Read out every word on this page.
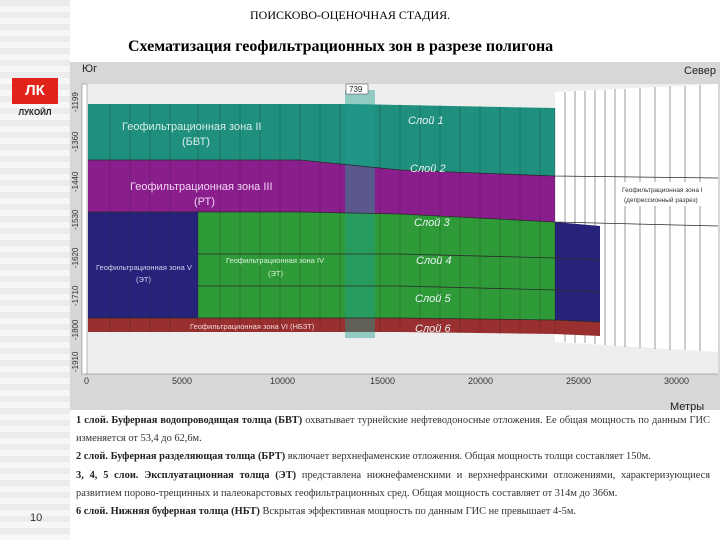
ЛК
ЛУКОЙЛ
10
ПОИСКОВО-ОЦЕНОЧНАЯ СТАДИЯ.
Схематизация геофильтрационных зон в разрезе полигона
0	5000	10000	15000	20000	25000	30000
-1199
-1360
-1440
-1530
-1620
-1710
-1800
-1910
Юг	Север
739
Метры
Геофильтрационная зона II
(БВТ)
Геофильтрационная зона III
(РТ)
Геофильтрационная зона V
(ЭТ)
Геофильтрационная зона IV
(ЭТ)
Геофильтрационная зона VI (НБЗТ)
Геофильтрационная зона I
(депрессионный разрез)
Слой 1
Слой 2
Слой 3
Слой 4
Слой 5
Слой 6
1 слой. Буферная водопроводящая толща (БВТ) охватывает турнейские нефтеводоносные отложения. Ее общая мощность по данным ГИС изменяется от 53,4 до 62,6м.
2 слой. Буферная разделяющая толща (БРТ) включает верхнефаменские отложения. Общая мощность толщи составляет 150м.
3, 4, 5 слои. Эксплуатационная толща (ЭТ) представлена нижнефаменскими и верхнефранскими отложениями, характеризующиеся развитием порово-трещинных и палеокарстовых геофильтрационных сред. Общая мощность составляет от 314м до 366м.
6 слой. Нижняя буферная толща (НБТ) Вскрытая эффективная мощность по данным ГИС не превышает 4-5м.
